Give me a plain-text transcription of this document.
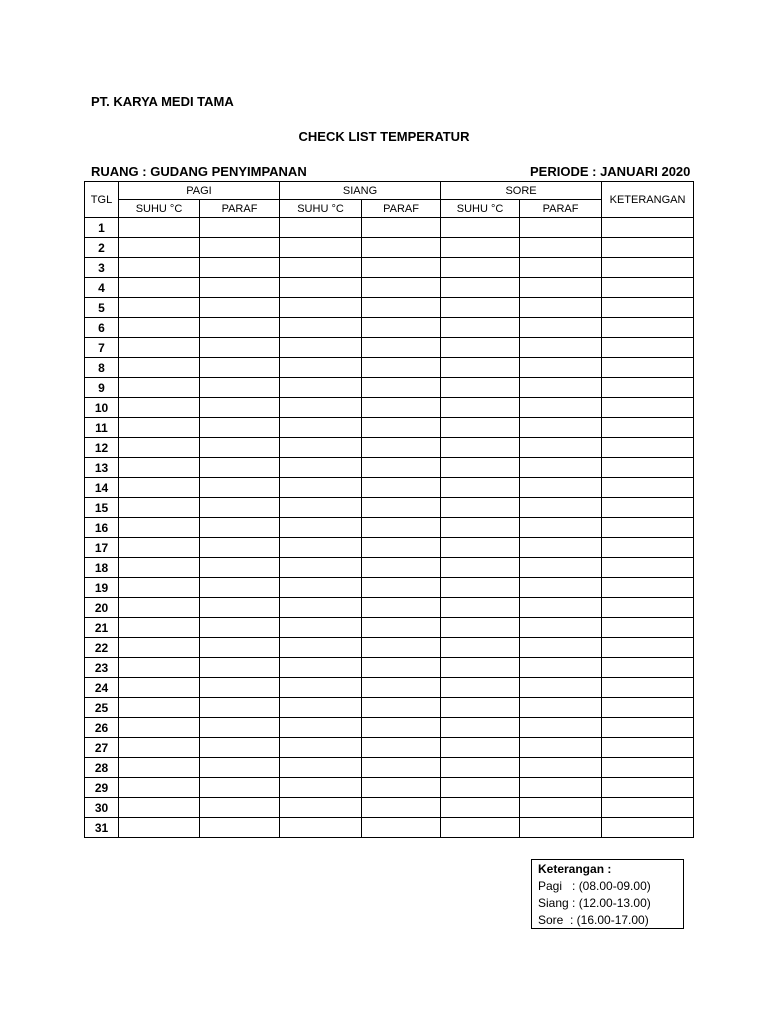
PT. KARYA MEDI TAMA
CHECK LIST TEMPERATUR
RUANG : GUDANG PENYIMPANAN	PERIODE : JANUARI 2020
TGL	PAGI		SIANG		SORE		KETERANGAN
	SUHU °C	PARAF	SUHU °C	PARAF	SUHU °C	PARAF	
1							
2							
3							
4							
5							
6							
7							
8							
9							
10							
11							
12							
13							
14							
15							
16							
17							
18							
19							
20							
21							
22							
23							
24							
25							
26							
27							
28							
29							
30							
31							
Keterangan :
Pagi   : (08.00-09.00)
Siang : (12.00-13.00)
Sore  : (16.00-17.00)
